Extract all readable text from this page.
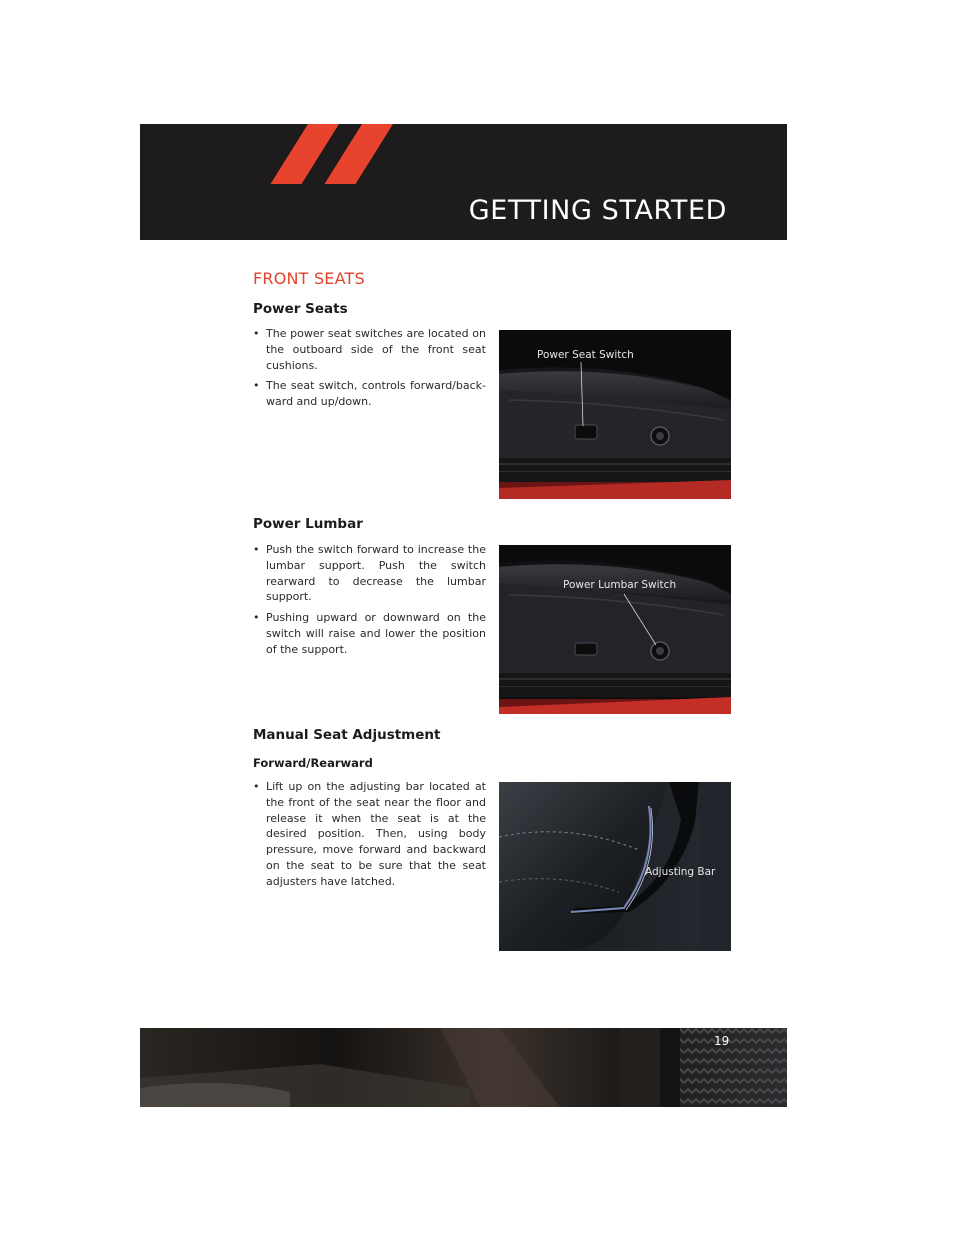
GETTING STARTED
FRONT SEATS
Power Seats
• The power seat switches are located on the outboard side of the front seat cushions.
• The seat switch, controls forward/back-ward and up/down.
Power Seat Switch
Power Lumbar
• Push the switch forward to increase the lumbar support. Push the switch rearward to decrease the lumbar support.
• Pushing upward or downward on the switch will raise and lower the position of the support.
Power Lumbar Switch
Manual Seat Adjustment
Forward/Rearward
• Lift up on the adjusting bar located at the front of the seat near the floor and release it when the seat is at the desired position. Then, using body pressure, move forward and backward on the seat to be sure that the seat adjusters have latched.
Adjusting Bar
19
